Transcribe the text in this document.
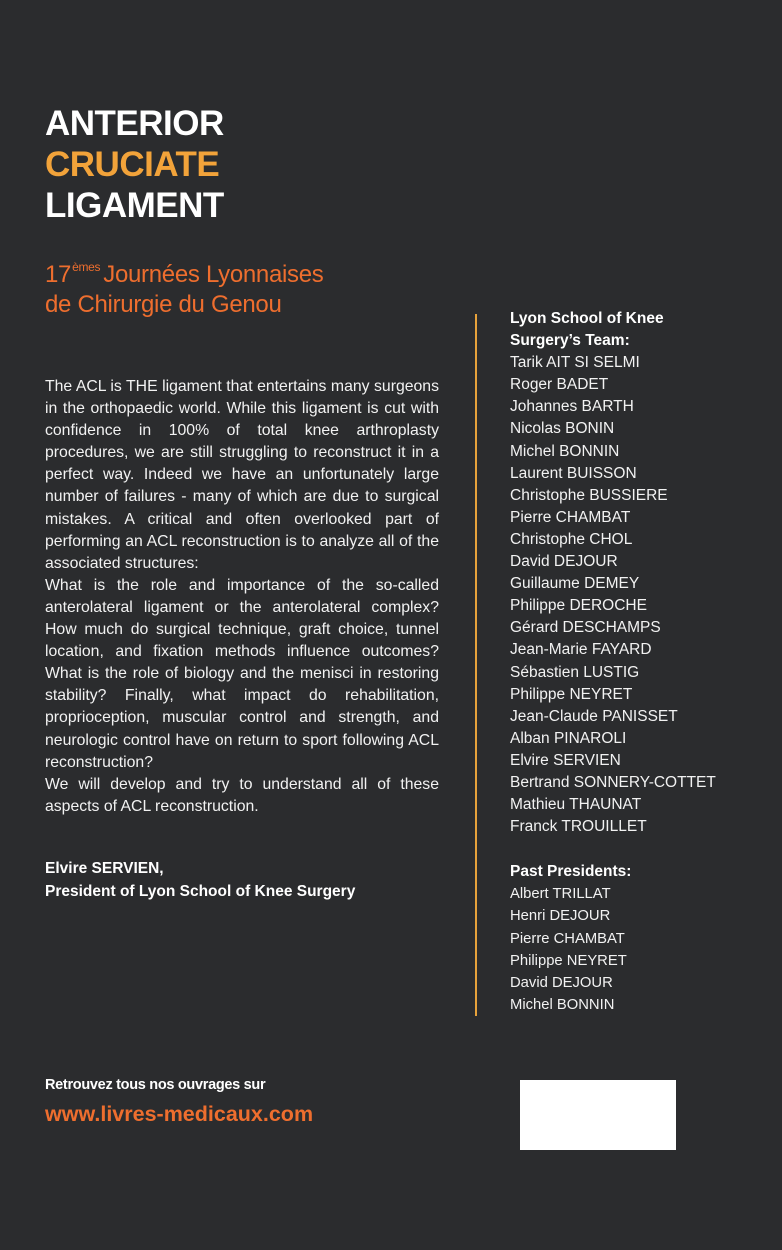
ANTERIOR
CRUCIATE
LIGAMENT
17èmes Journées Lyonnaises
de Chirurgie du Genou

The ACL is THE ligament that entertains many surgeons in the orthopaedic world. While this ligament is cut with confidence in 100% of total knee arthroplasty procedures, we are still struggling to reconstruct it in a perfect way. Indeed we have an unfortunately large number of failures - many of which are due to surgical mistakes. A critical and often overlooked part of performing an ACL reconstruction is to analyze all of the associated structures:

What is the role and importance of the so-called anterolateral ligament or the anterolateral complex? How much do surgical technique, graft choice, tunnel location, and fixation methods influence outcomes? What is the role of biology and the menisci in restoring stability? Finally, what impact do rehabilitation, proprioception, muscular control and strength, and neurologic control have on return to sport following ACL reconstruction?

We will develop and try to understand all of these aspects of ACL reconstruction.

Elvire SERVIEN,
President of Lyon School of Knee Surgery
Lyon School of Knee
Surgery’s Team:
Tarik AIT SI SELMI
Roger BADET
Johannes BARTH
Nicolas BONIN
Michel BONNIN
Laurent BUISSON
Christophe BUSSIERE
Pierre CHAMBAT
Christophe CHOL
David DEJOUR
Guillaume DEMEY
Philippe DEROCHE
Gérard DESCHAMPS
Jean-Marie FAYARD
Sébastien LUSTIG
Philippe NEYRET
Jean-Claude PANISSET
Alban PINAROLI
Elvire SERVIEN
Bertrand SONNERY-COTTET
Mathieu THAUNAT
Franck TROUILLET
Past Presidents:
Albert TRILLAT
Henri DEJOUR
Pierre CHAMBAT
Philippe NEYRET
David DEJOUR
Michel BONNIN
Retrouvez tous nos ouvrages sur
www.livres-medicaux.com
